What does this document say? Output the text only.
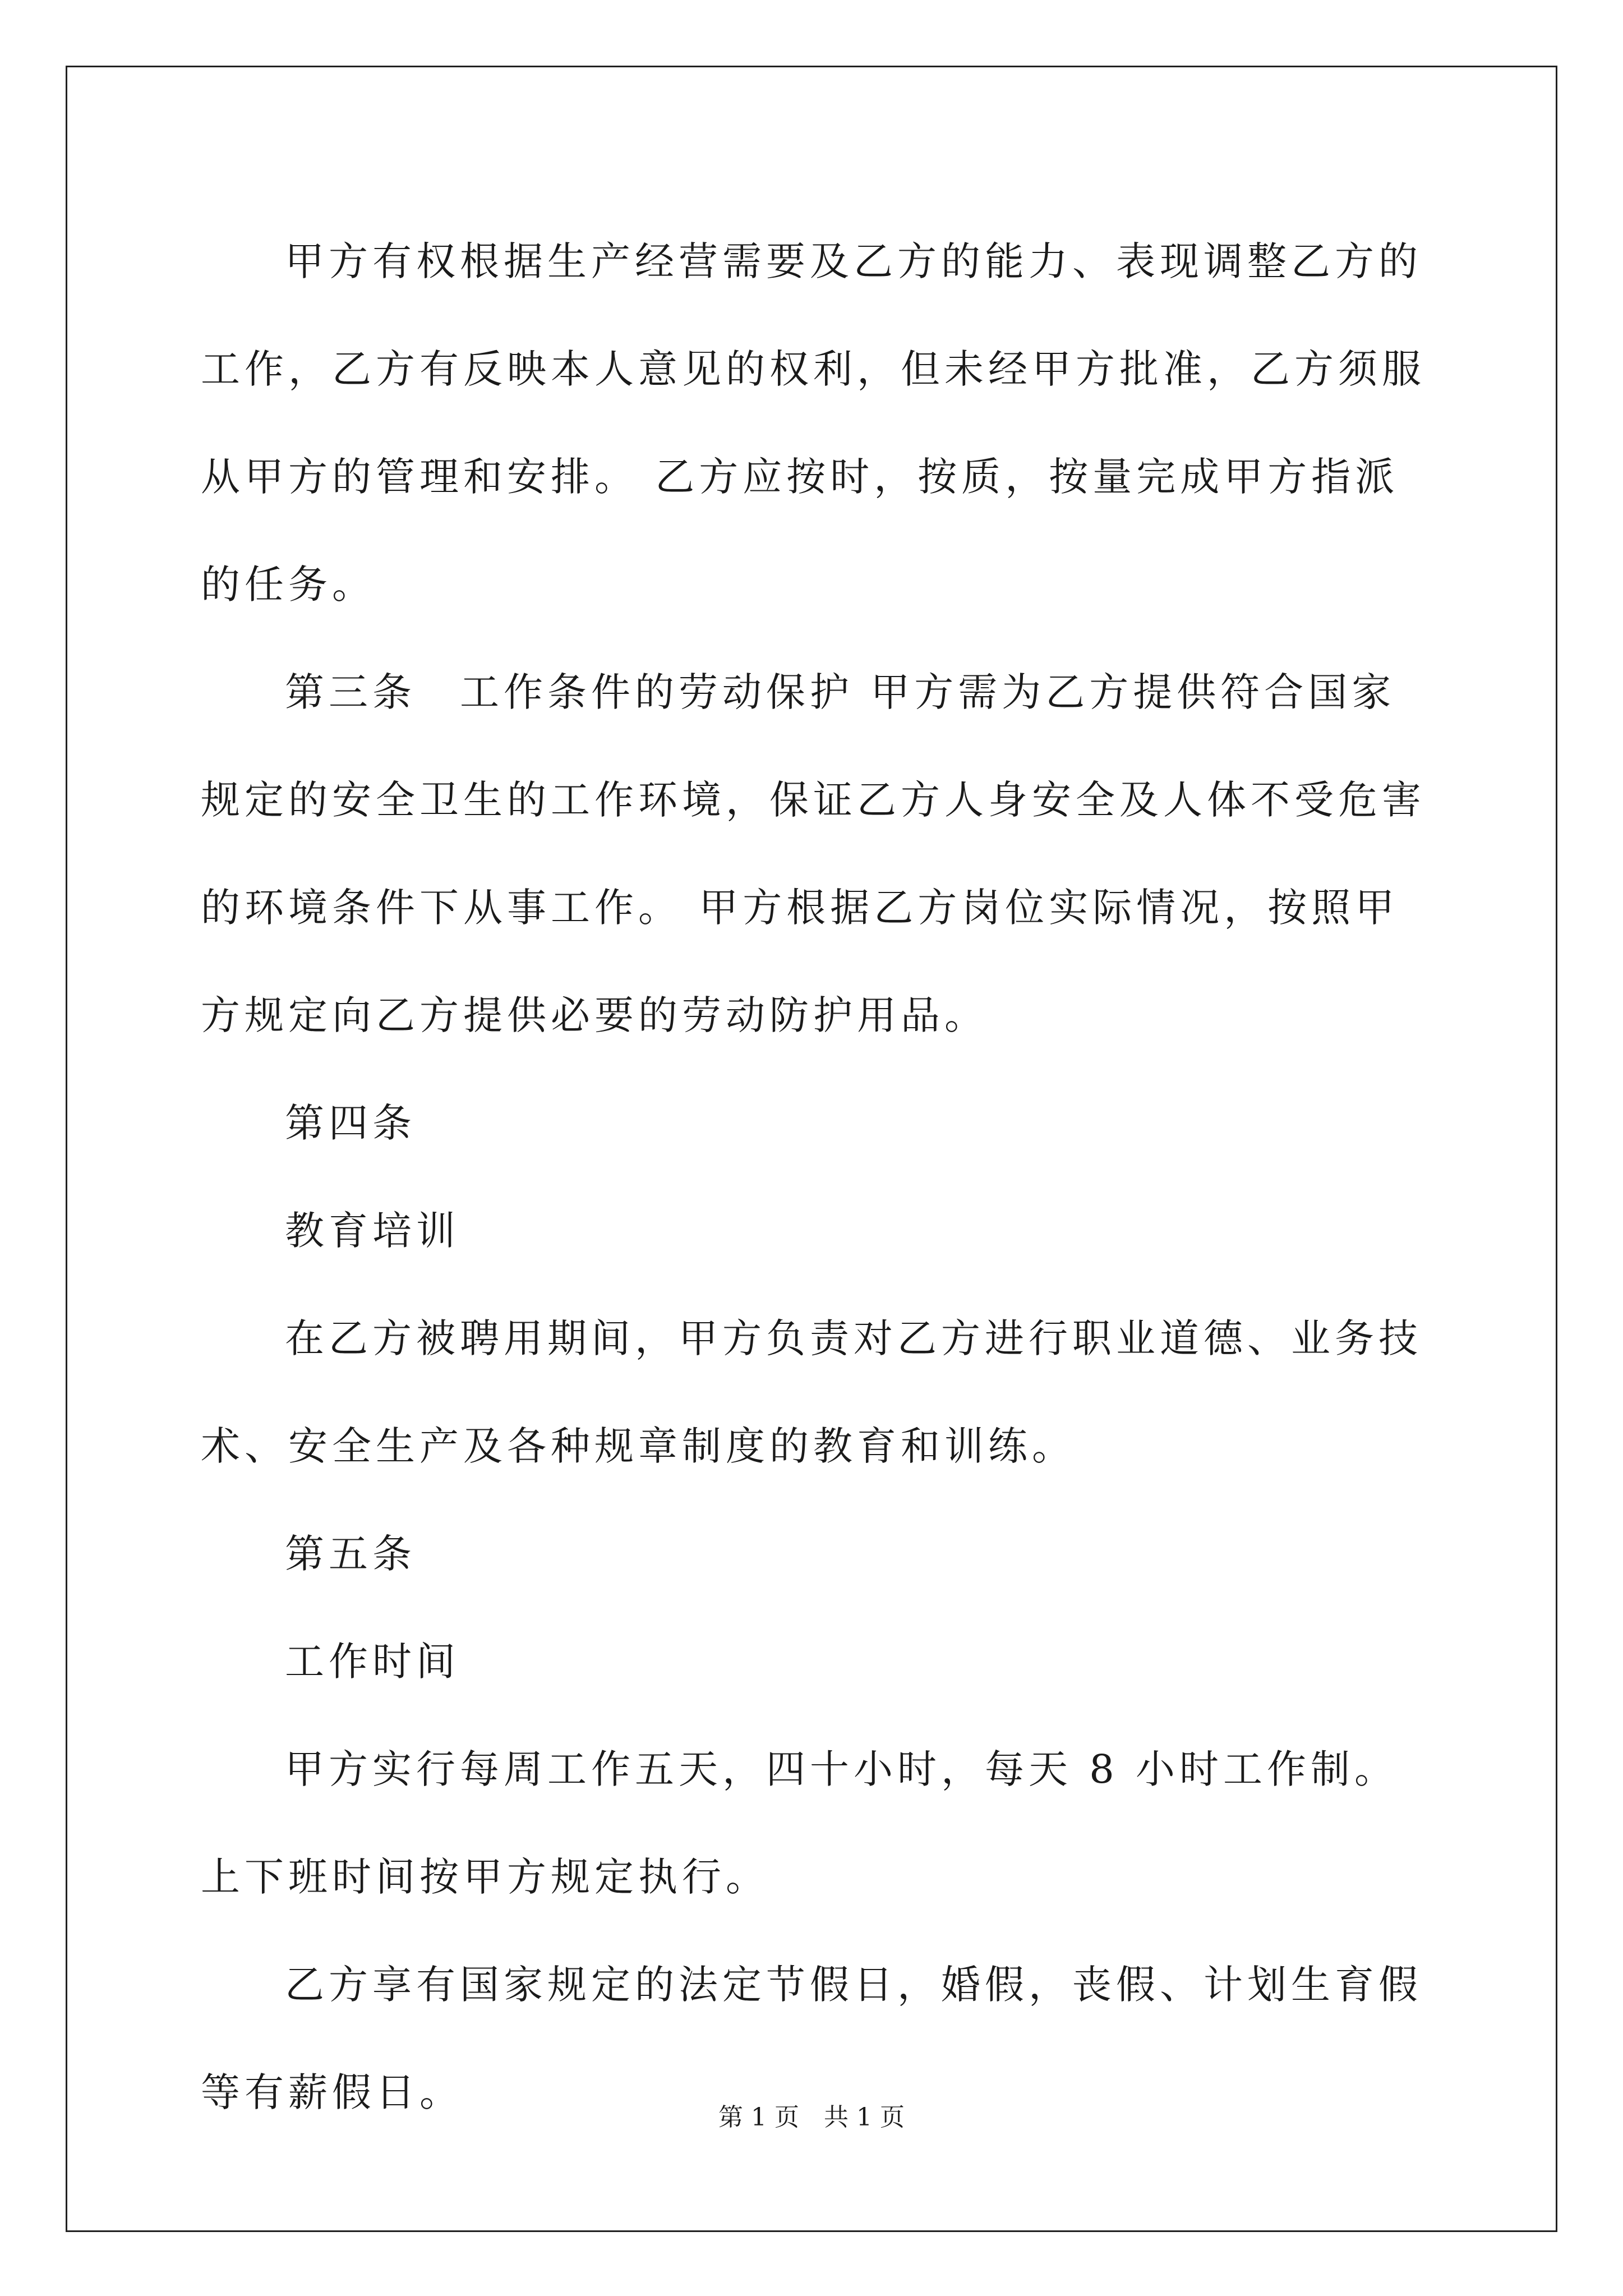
甲方有权根据生产经营需要及乙方的能力、表现调整乙方的工作，乙方有反映本人意见的权利，但未经甲方批准，乙方须服从甲方的管理和安排。 乙方应按时，按质，按量完成甲方指派的任务。

第三条　工作条件的劳动保护 甲方需为乙方提供符合国家规定的安全卫生的工作环境，保证乙方人身安全及人体不受危害的环境条件下从事工作。 甲方根据乙方岗位实际情况，按照甲方规定向乙方提供必要的劳动防护用品。

第四条

教育培训

在乙方被聘用期间，甲方负责对乙方进行职业道德、业务技术、安全生产及各种规章制度的教育和训练。

第五条

工作时间

甲方实行每周工作五天，四十小时，每天 8 小时工作制。上下班时间按甲方规定执行。

乙方享有国家规定的法定节假日，婚假，丧假、计划生育假等有薪假日。

第 1 页　共 1 页
